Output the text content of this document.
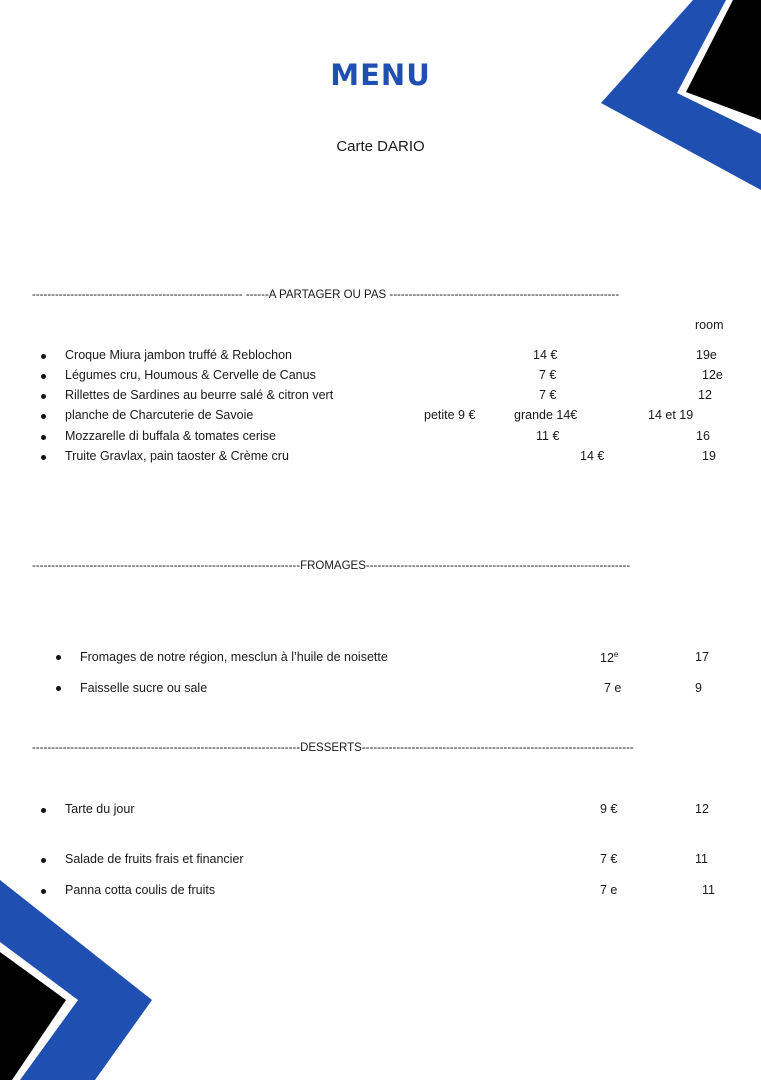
MENU
Carte DARIO
------------------------------------------------------- ------A PARTAGER OU PAS ------------------------------------------------------------
room
Croque Miura jambon truffé & Reblochon	14 €	19e
Légumes cru, Houmous & Cervelle de Canus	7 €	12e
Rillettes de Sardines au beurre salé & citron vert	7 €	12
planche de Charcuterie de Savoie	petite 9 €	grande 14€	14 et 19
Mozzarelle di buffala & tomates cerise	11 €	16
Truite Gravlax, pain taoster & Crème cru	14 €	19
----------------------------------------------------------------------FROMAGES---------------------------------------------------------------------
Fromages de notre région, mesclun à l’huile de noisette	12e	17
Faisselle sucre ou sale	7 e	9
----------------------------------------------------------------------DESSERTS-----------------------------------------------------------------------
Tarte du jour	9 €	12
Salade de fruits frais et financier	7 €	11
Panna cotta coulis de fruits	7 e	11
